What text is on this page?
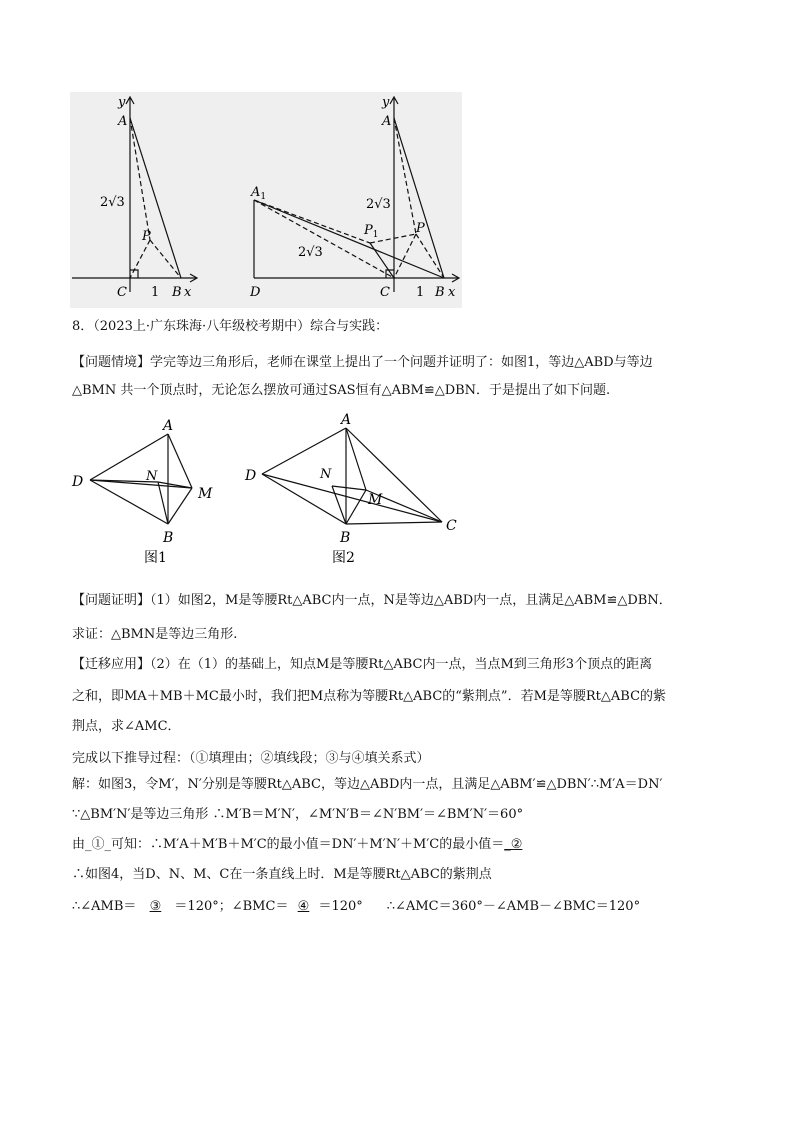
y
A
2√3
P
C 1 B x
y
A
$A_1$	2√3
2√3
$P_1$	P
D	C 1 B x
8．（2023上·广东珠海·八年级校考期中）综合与实践：
【问题情境】学完等边三角形后，老师在课堂上提出了一个问题并证明了：如图1，等边△ABD与等边
△BMN 共一个顶点时，无论怎么摆放可通过SAS恒有△ABM≌△DBN．于是提出了如下问题.
A
D	N
M
B
图1
A
D	N
M
B
C
图2
【问题证明】（1）如图2，M是等腰Rt△ABC内一点，N是等边△ABD内一点，且满足△ABM≌△DBN．
求证：△BMN是等边三角形.
【迁移应用】（2）在（1）的基础上，知点M是等腰Rt△ABC内一点，当点M到三角形3个顶点的距离
之和，即MA＋MB＋MC最小时，我们把M点称为等腰Rt△ABC的“紫荆点”．若M是等腰Rt△ABC的紫
荆点，求∠AMC．
完成以下推导过程：（①填理由；②填线段；③与④填关系式）
解：如图3，令M′，N′分别是等腰Rt△ABC，等边△ABD内一点，且满足△ABM′≌△DBN′∴M′A＝DN′
∵△BM′N′是等边三角形 ∴M′B＝M′N′，∠M′N′B＝∠N′BM′＝∠BM′N′＝60°
由_①_可知：∴M′A＋M′B＋M′C的最小值＝DN′＋M′N′＋M′C的最小值＝_②
∴如图4，当D、N、M、C在一条直线上时．M是等腰Rt△ABC的紫荆点
∴∠AMB＝ ③ ＝120°；∠BMC＝ ④ ＝120° ∴∠AMC＝360°－∠AMB－∠BMC＝120°
